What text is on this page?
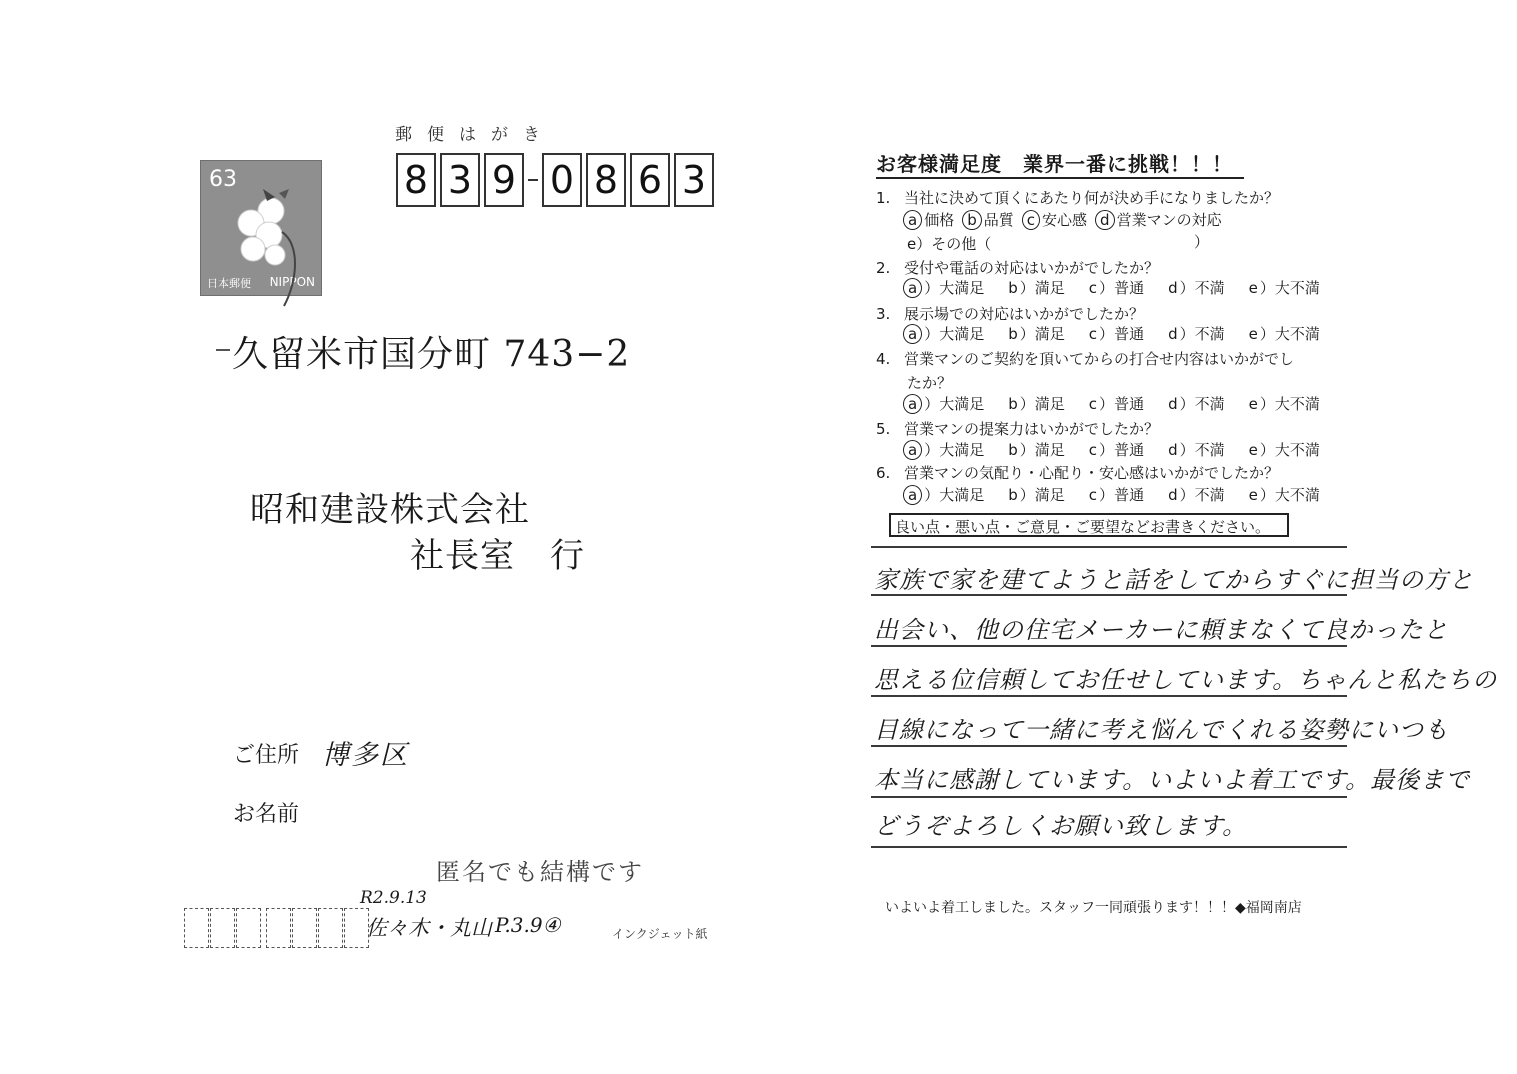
郵便はがき
8 3 9 0 8 6 3
63
日本郵便 NIPPON
久留米市国分町 743−2
昭和建設株式会社
社長室　行
ご住所 博多区
お名前
匿名でも結構です
R2.9.13
佐々木・丸山 P.3.9④	インクジェット紙
お客様満足度　業界一番に挑戦！！！
1. 当社に決めて頂くにあたり何が決め手になりましたか？
a 価格 b 品質 c 安心感 d 営業マンの対応
e）その他（	）
2. 受付や電話の対応はいかがでしたか？
a ）大満足 b ）満足 c ）普通 d ）不満 e ）大不満
3. 展示場での対応はいかがでしたか？
a ）大満足 b ）満足 c ）普通 d ）不満 e ）大不満
4. 営業マンのご契約を頂いてからの打合せ内容はいかがでし
たか？
a ）大満足 b ）満足 c ）普通 d ）不満 e ）大不満
5. 営業マンの提案力はいかがでしたか？
a ）大満足 b ）満足 c ）普通 d ）不満 e ）大不満
6. 営業マンの気配り・心配り・安心感はいかがでしたか？
a ）大満足 b ）満足 c ）普通 d ）不満 e ）大不満
良い点・悪い点・ご意見・ご要望などお書きください。
家族で家を建てようと話をしてからすぐに担当の方と
出会い、他の住宅メーカーに頼まなくて良かったと
思える位信頼してお任せしています。ちゃんと私たちの
目線になって一緒に考え悩んでくれる姿勢にいつも
本当に感謝しています。いよいよ着工です。最後まで
どうぞよろしくお願い致します。
いよいよ着工しました。スタッフ一同頑張ります！！！◆福岡南店
